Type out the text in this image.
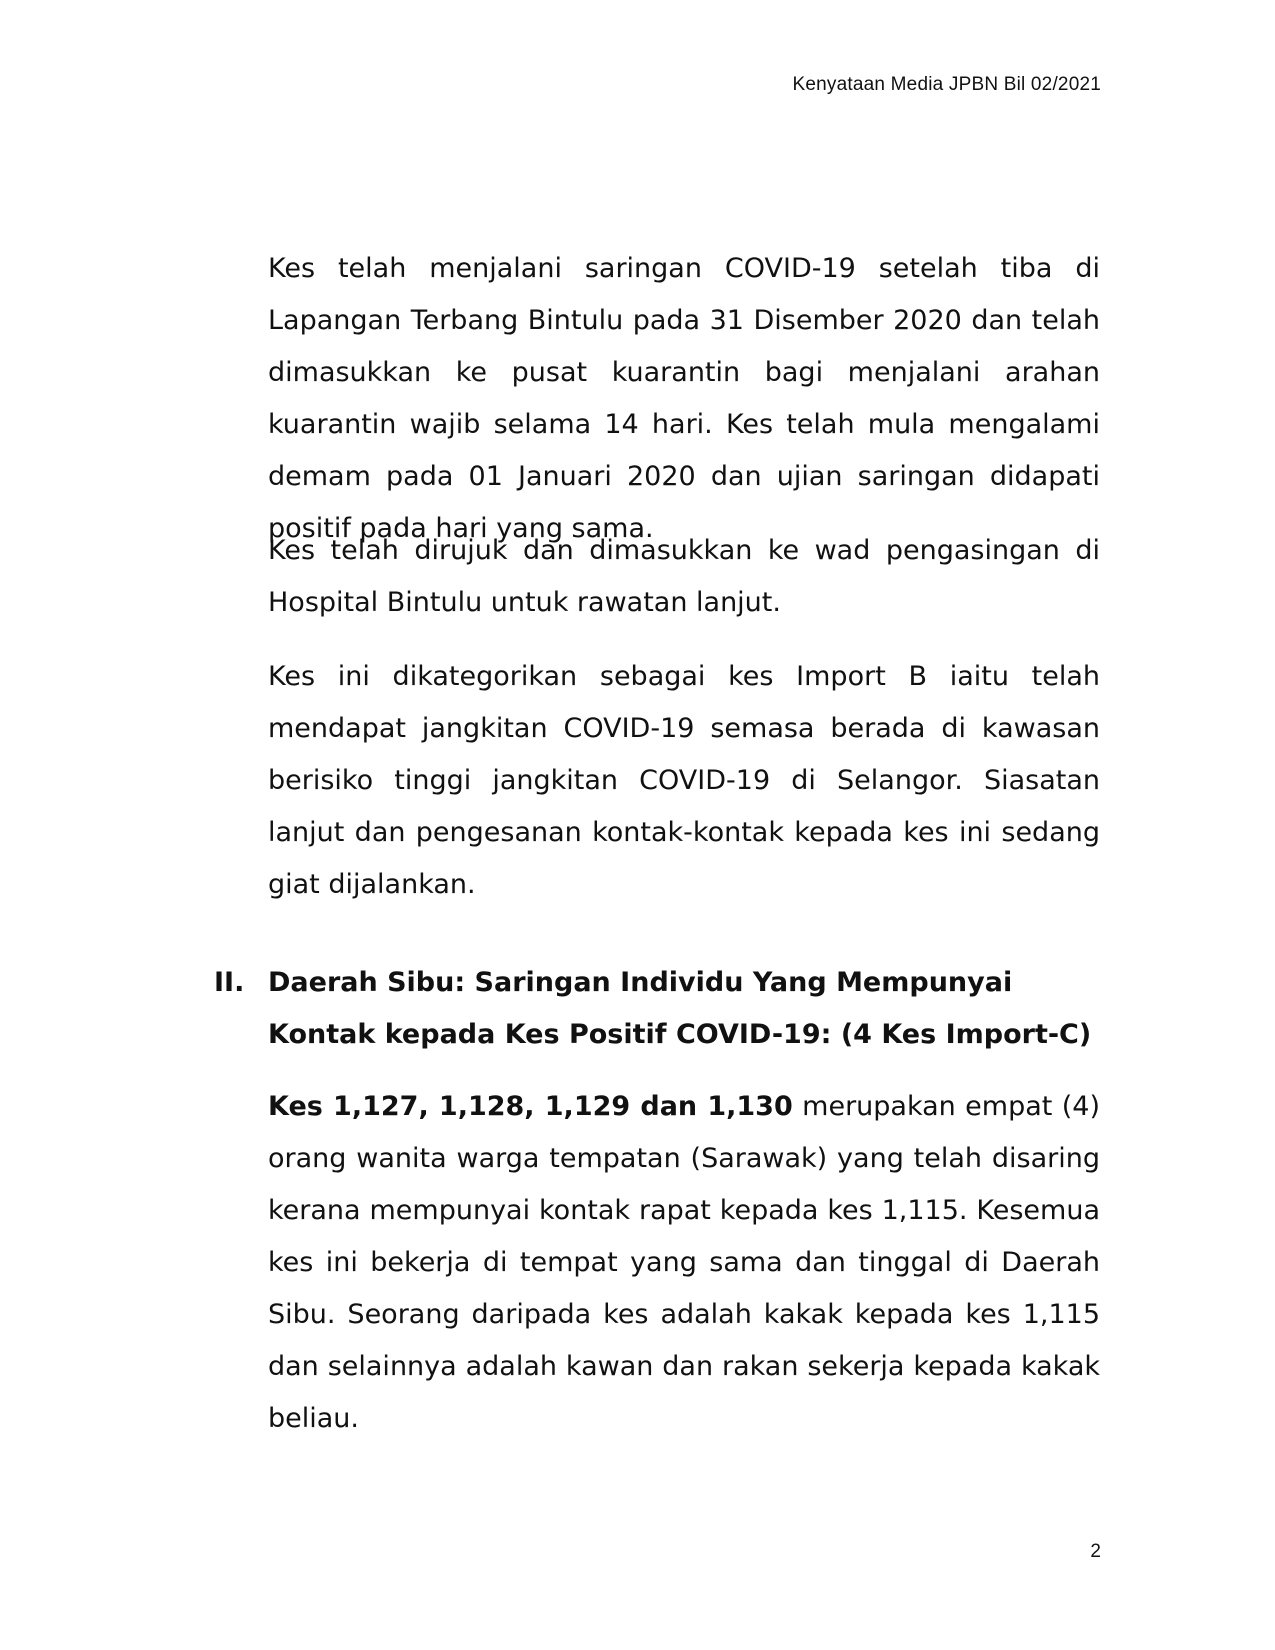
Kenyataan Media JPBN Bil 02/2021

Kes telah menjalani saringan COVID-19 setelah tiba di Lapangan Terbang Bintulu pada 31 Disember 2020 dan telah dimasukkan ke pusat kuarantin bagi menjalani arahan kuarantin wajib selama 14 hari. Kes telah mula mengalami demam pada 01 Januari 2020 dan ujian saringan didapati positif pada hari yang sama.

Kes telah dirujuk dan dimasukkan ke wad pengasingan di Hospital Bintulu untuk rawatan lanjut.

Kes ini dikategorikan sebagai kes Import B iaitu telah mendapat jangkitan COVID-19 semasa berada di kawasan berisiko tinggi jangkitan COVID-19 di Selangor. Siasatan lanjut dan pengesanan kontak-kontak kepada kes ini sedang giat dijalankan.

II. Daerah Sibu: Saringan Individu Yang Mempunyai Kontak kepada Kes Positif COVID-19: (4 Kes Import-C)

Kes 1,127, 1,128, 1,129 dan 1,130 merupakan empat (4) orang wanita warga tempatan (Sarawak) yang telah disaring kerana mempunyai kontak rapat kepada kes 1,115. Kesemua kes ini bekerja di tempat yang sama dan tinggal di Daerah Sibu. Seorang daripada kes adalah kakak kepada kes 1,115 dan selainnya adalah kawan dan rakan sekerja kepada kakak beliau.

2
